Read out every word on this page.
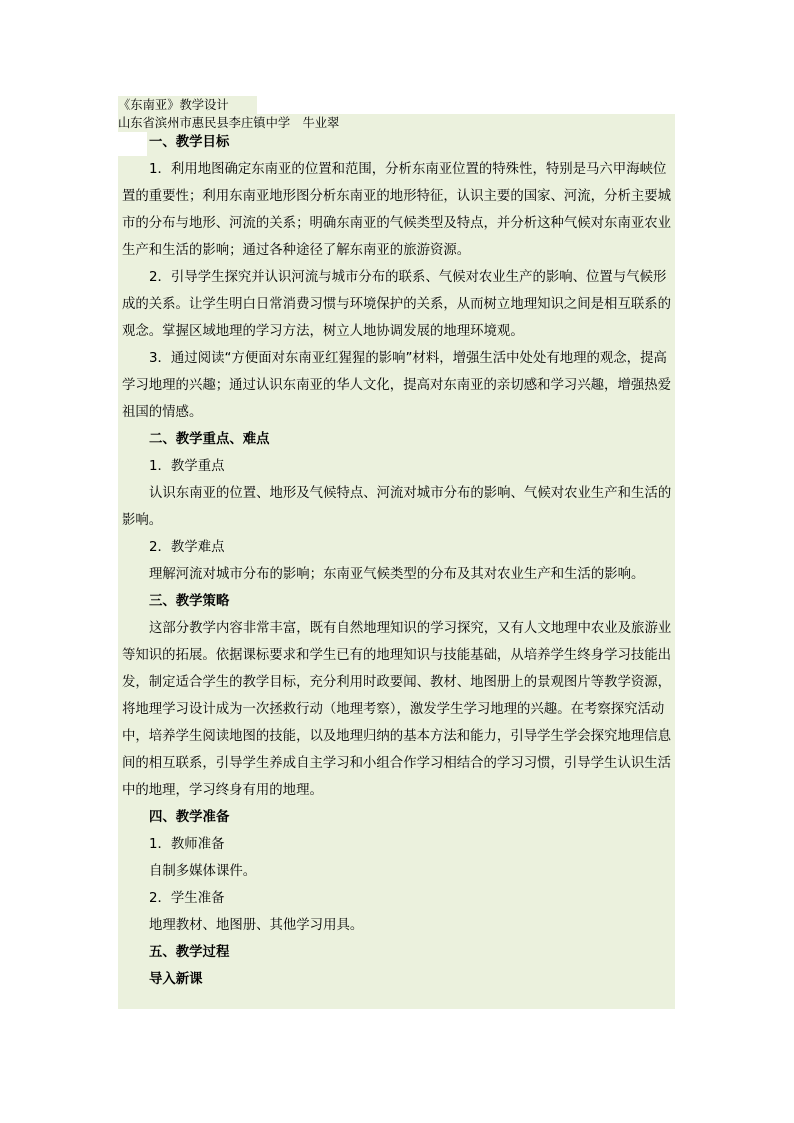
《东南亚》教学设计
山东省滨州市惠民县李庄镇中学　牛业翠
一、教学目标

1．利用地图确定东南亚的位置和范围，分析东南亚位置的特殊性，特别是马六甲海峡位置的重要性；利用东南亚地形图分析东南亚的地形特征，认识主要的国家、河流，分析主要城市的分布与地形、河流的关系；明确东南亚的气候类型及特点，并分析这种气候对东南亚农业生产和生活的影响；通过各种途径了解东南亚的旅游资源。

2．引导学生探究并认识河流与城市分布的联系、气候对农业生产的影响、位置与气候形成的关系。让学生明白日常消费习惯与环境保护的关系，从而树立地理知识之间是相互联系的观念。掌握区域地理的学习方法，树立人地协调发展的地理环境观。

3．通过阅读“方便面对东南亚红猩猩的影响”材料，增强生活中处处有地理的观念，提高学习地理的兴趣；通过认识东南亚的华人文化，提高对东南亚的亲切感和学习兴趣，增强热爱祖国的情感。

二、教学重点、难点

1．教学重点

认识东南亚的位置、地形及气候特点、河流对城市分布的影响、气候对农业生产和生活的影响。

2．教学难点

理解河流对城市分布的影响；东南亚气候类型的分布及其对农业生产和生活的影响。

三、教学策略

这部分教学内容非常丰富，既有自然地理知识的学习探究，又有人文地理中农业及旅游业等知识的拓展。依据课标要求和学生已有的地理知识与技能基础，从培养学生终身学习技能出发，制定适合学生的教学目标，充分利用时政要闻、教材、地图册上的景观图片等教学资源，将地理学习设计成为一次拯救行动（地理考察），激发学生学习地理的兴趣。在考察探究活动中，培养学生阅读地图的技能，以及地理归纳的基本方法和能力，引导学生学会探究地理信息间的相互联系，引导学生养成自主学习和小组合作学习相结合的学习习惯，引导学生认识生活中的地理，学习终身有用的地理。

四、教学准备

1．教师准备

自制多媒体课件。

2．学生准备

地理教材、地图册、其他学习用具。

五、教学过程
导入新课
